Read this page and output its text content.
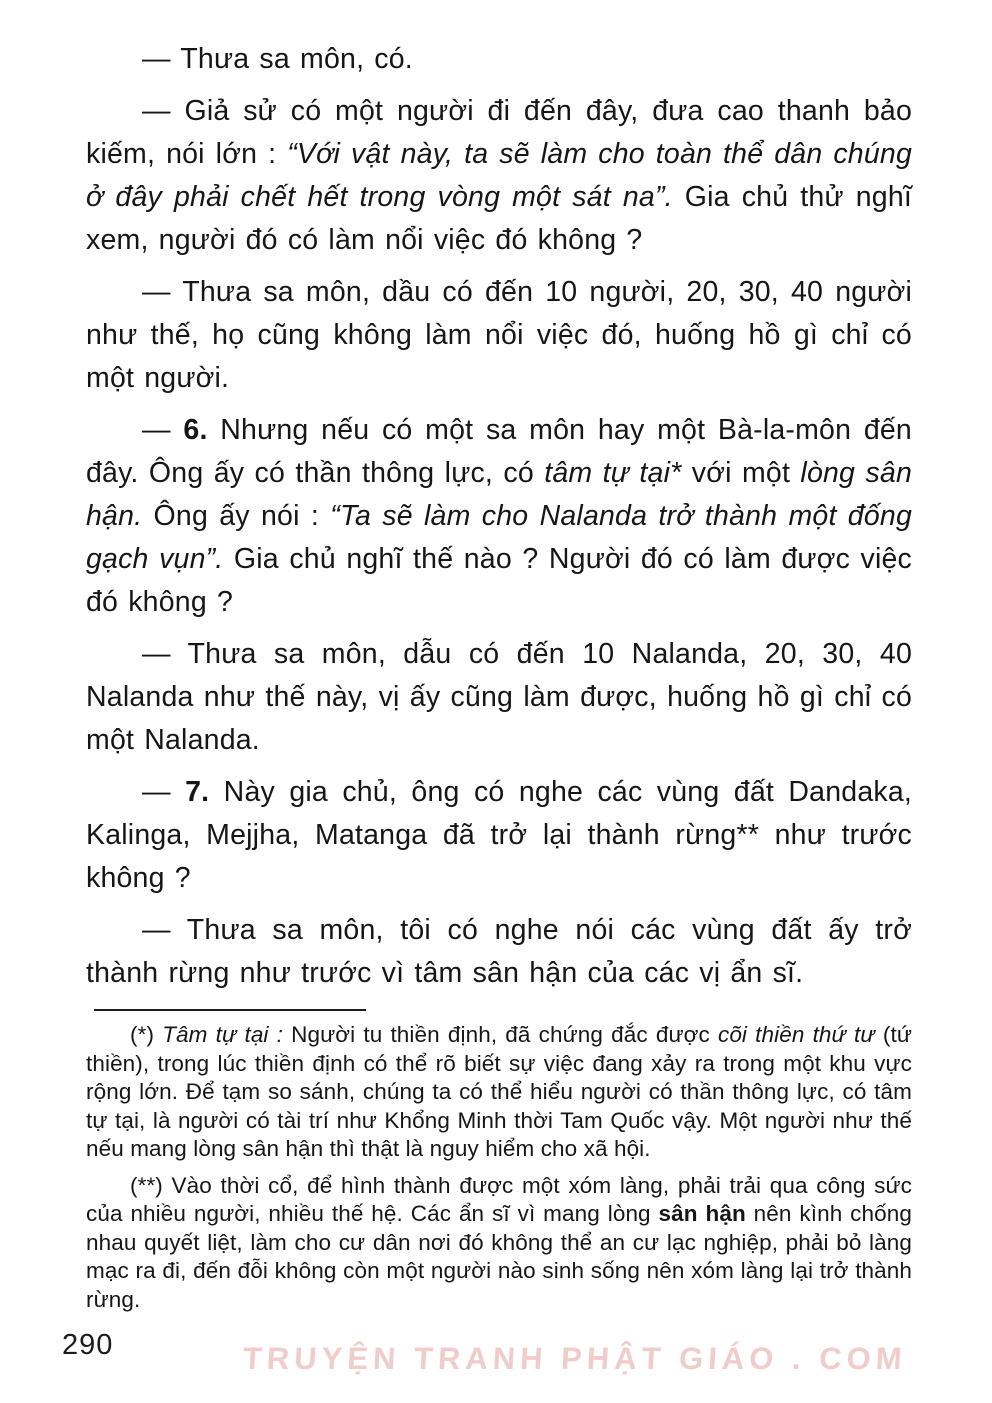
— Thưa sa môn, có.

— Giả sử có một người đi đến đây, đưa cao thanh bảo kiếm, nói lớn : “Với vật này, ta sẽ làm cho toàn thể dân chúng ở đây phải chết hết trong vòng một sát na”. Gia chủ thử nghĩ xem, người đó có làm nổi việc đó không ?

— Thưa sa môn, dầu có đến 10 người, 20, 30, 40 người như thế, họ cũng không làm nổi việc đó, huống hồ gì chỉ có một người.

— 6. Nhưng nếu có một sa môn hay một Bà-la-môn đến đây. Ông ấy có thần thông lực, có tâm tự tại* với một lòng sân hận. Ông ấy nói : “Ta sẽ làm cho Nalanda trở thành một đống gạch vụn”. Gia chủ nghĩ thế nào ? Người đó có làm được việc đó không ?

— Thưa sa môn, dẫu có đến 10 Nalanda, 20, 30, 40 Nalanda như thế này, vị ấy cũng làm được, huống hồ gì chỉ có một Nalanda.

— 7. Này gia chủ, ông có nghe các vùng đất Dandaka, Kalinga, Mejjha, Matanga đã trở lại thành rừng** như trước không ?

— Thưa sa môn, tôi có nghe nói các vùng đất ấy trở thành rừng như trước vì tâm sân hận của các vị ẩn sĩ.

(*) Tâm tự tại : Người tu thiền định, đã chứng đắc được cõi thiền thứ tư (tứ thiền), trong lúc thiền định có thể rõ biết sự việc đang xảy ra trong một khu vực rộng lớn. Để tạm so sánh, chúng ta có thể hiểu người có thần thông lực, có tâm tự tại, là người có tài trí như Khổng Minh thời Tam Quốc vậy. Một người như thế nếu mang lòng sân hận thì thật là nguy hiểm cho xã hội.

(**) Vào thời cổ, để hình thành được một xóm làng, phải trải qua công sức của nhiều người, nhiều thế hệ. Các ẩn sĩ vì mang lòng sân hận nên kình chống nhau quyết liệt, làm cho cư dân nơi đó không thể an cư lạc nghiệp, phải bỏ làng mạc ra đi, đến đỗi không còn một người nào sinh sống nên xóm làng lại trở thành rừng.

290	TRUYỆN TRANH PHẬT GIÁO . COM
